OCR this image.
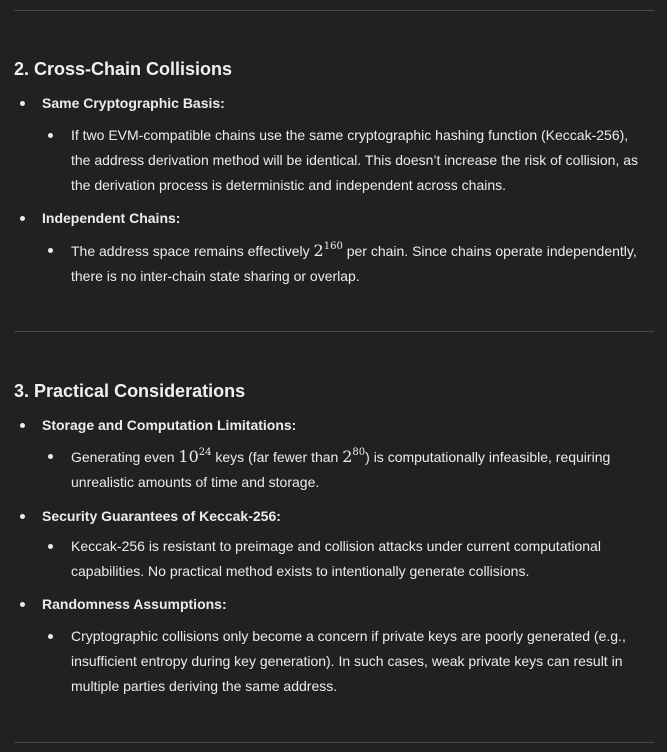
2. Cross-Chain Collisions
Same Cryptographic Basis:
If two EVM-compatible chains use the same cryptographic hashing function (Keccak-256), the address derivation method will be identical. This doesn’t increase the risk of collision, as the derivation process is deterministic and independent across chains.
Independent Chains:
The address space remains effectively $2^{160}$ per chain. Since chains operate independently, there is no inter-chain state sharing or overlap.
3. Practical Considerations
Storage and Computation Limitations:
Generating even $10^{24}$ keys (far fewer than $2^{80}$) is computationally infeasible, requiring unrealistic amounts of time and storage.
Security Guarantees of Keccak-256:
Keccak-256 is resistant to preimage and collision attacks under current computational capabilities. No practical method exists to intentionally generate collisions.
Randomness Assumptions:
Cryptographic collisions only become a concern if private keys are poorly generated (e.g., insufficient entropy during key generation). In such cases, weak private keys can result in multiple parties deriving the same address.
